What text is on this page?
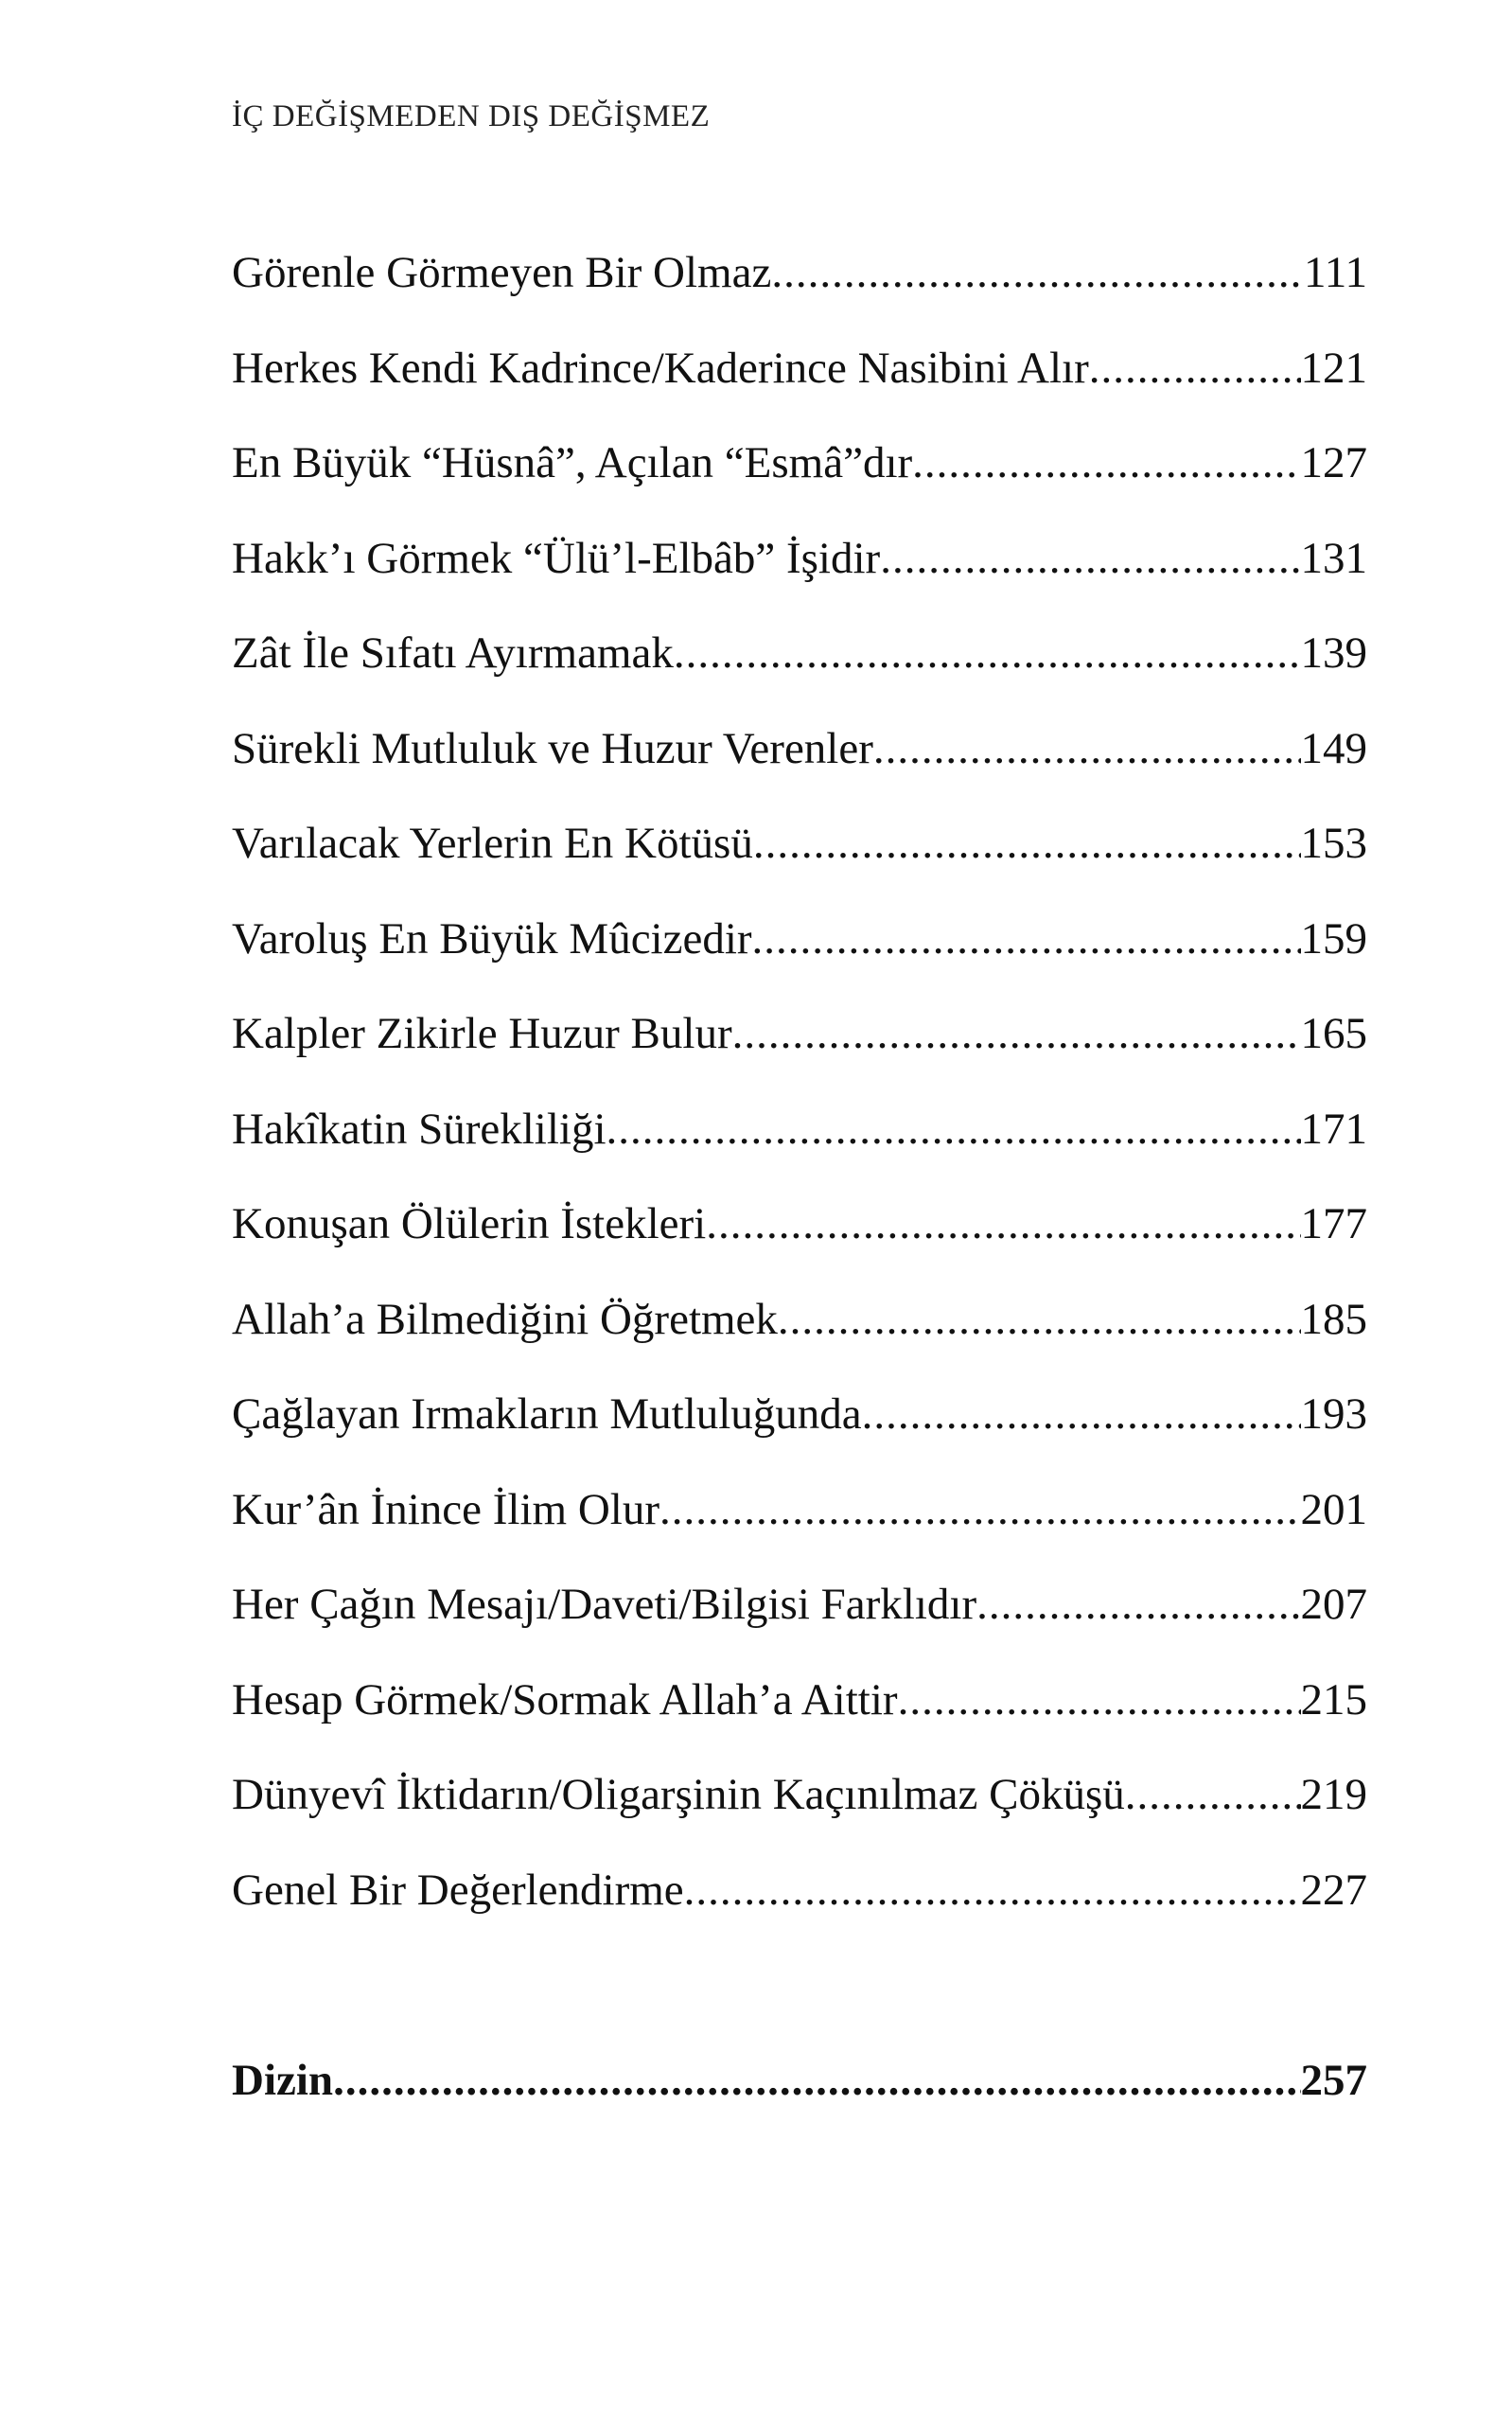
İÇ DEĞİŞMEDEN DIŞ DEĞİŞMEZ
Görenle Görmeyen Bir Olmaz .....	111
Herkes Kendi Kadrince/Kaderince Nasibini Alır .....	121
En Büyük “Hüsnâ”, Açılan “Esmâ”dır .....	127
Hakk’ı Görmek “Ülü’l-Elbâb” İşidir .....	131
Zât İle Sıfatı Ayırmamak .....	139
Sürekli Mutluluk ve Huzur Verenler .....	149
Varılacak Yerlerin En Kötüsü .....	153
Varoluş En Büyük Mûcizedir .....	159
Kalpler Zikirle Huzur Bulur .....	165
Hakîkatin Sürekliliği .....	171
Konuşan Ölülerin İstekleri .....	177
Allah’a Bilmediğini Öğretmek .....	185
Çağlayan Irmakların Mutluluğunda .....	193
Kur’ân İnince İlim Olur .....	201
Her Çağın Mesajı/Daveti/Bilgisi Farklıdır .....	207
Hesap Görmek/Sormak Allah’a Aittir .....	215
Dünyevî İktidarın/Oligarşinin Kaçınılmaz Çöküşü .....	219
Genel Bir Değerlendirme .....	227
Dizin .....	257
